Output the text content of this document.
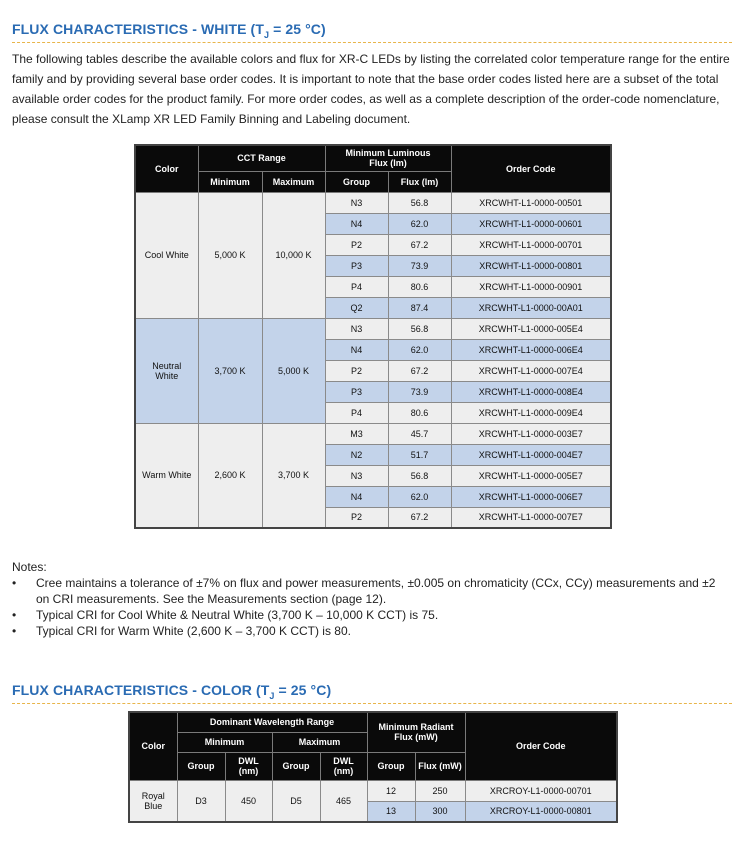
FLUX CHARACTERISTICS - WHITE ($T_J = 25$ °C)

The following tables describe the available colors and flux for XR-C LEDs by listing the correlated color temperature range for the entire family and by providing several base order codes. It is important to note that the base order codes listed here are a subset of the total available order codes for the product family. For more order codes, as well as a complete description of the order-code nomenclature, please consult the XLamp XR LED Family Binning and Labeling document.

Color	CCT Range		Minimum Luminous Flux (lm)		Order Code
	Minimum	Maximum	Group	Flux (lm)	
Cool White	5,000 K	10,000 K	N3	56.8	XRCWHT-L1-0000-00501
			N4	62.0	XRCWHT-L1-0000-00601
			P2	67.2	XRCWHT-L1-0000-00701
			P3	73.9	XRCWHT-L1-0000-00801
			P4	80.6	XRCWHT-L1-0000-00901
			Q2	87.4	XRCWHT-L1-0000-00A01
Neutral White	3,700 K	5,000 K	N3	56.8	XRCWHT-L1-0000-005E4
			N4	62.0	XRCWHT-L1-0000-006E4
			P2	67.2	XRCWHT-L1-0000-007E4
			P3	73.9	XRCWHT-L1-0000-008E4
			P4	80.6	XRCWHT-L1-0000-009E4
Warm White	2,600 K	3,700 K	M3	45.7	XRCWHT-L1-0000-003E7
			N2	51.7	XRCWHT-L1-0000-004E7
			N3	56.8	XRCWHT-L1-0000-005E7
			N4	62.0	XRCWHT-L1-0000-006E7
			P2	67.2	XRCWHT-L1-0000-007E7
Notes:
• Cree maintains a tolerance of ±7% on flux and power measurements, ±0.005 on chromaticity (CCx, CCy) measurements and ±2 on CRI measurements. See the Measurements section (page 12).
• Typical CRI for Cool White & Neutral White (3,700 K – 10,000 K CCT) is 75.
• Typical CRI for Warm White (2,600 K – 3,700 K CCT) is 80.
FLUX CHARACTERISTICS - COLOR ($T_J = 25$ °C)
Color	Dominant Wavelength Range				Minimum Radiant Flux (mW)		Order Code
	Minimum		Maximum				
	Group	DWL (nm)	Group	DWL (nm)	Group	Flux (mW)	
Royal Blue	D3	450	D5	465	12	250	XRCROY-L1-0000-00701
					13	300	XRCROY-L1-0000-00801
